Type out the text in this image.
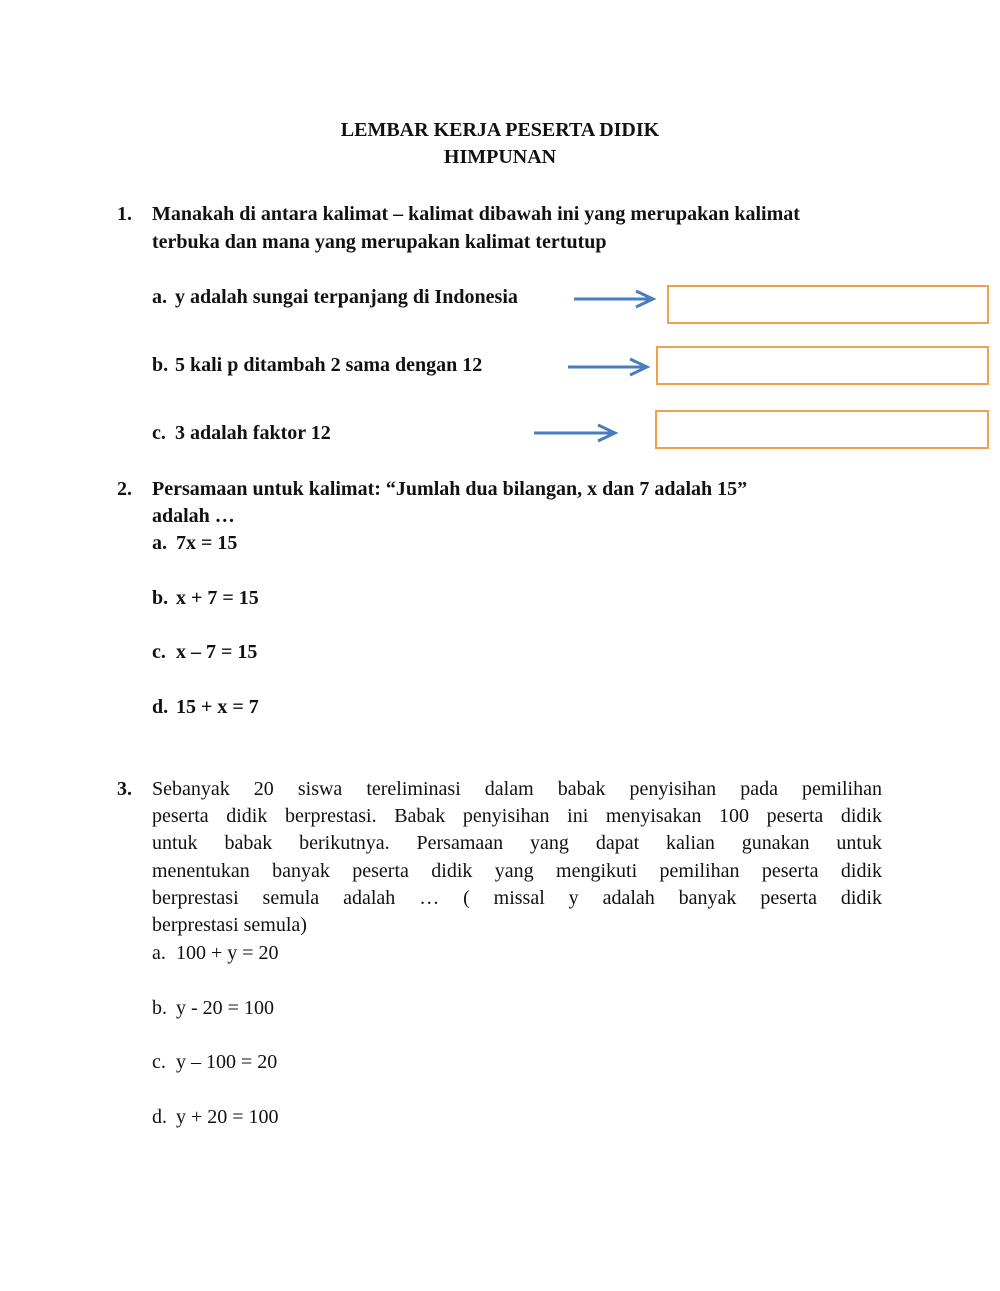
LEMBAR KERJA PESERTA DIDIK
HIMPUNAN
1. Manakah di antara kalimat – kalimat dibawah ini yang merupakan kalimat
terbuka dan mana yang merupakan kalimat tertutup
a. y adalah sungai terpanjang di Indonesia
b. 5 kali p ditambah 2 sama dengan 12
c. 3 adalah faktor 12
2. Persamaan untuk kalimat: “Jumlah dua bilangan, x dan 7 adalah 15”
adalah …
a. 7x = 15
b. x + 7 = 15
c. x – 7 = 15
d. 15 + x = 7
3. Sebanyak 20 siswa tereliminasi dalam babak penyisihan pada pemilihan
peserta didik berprestasi. Babak penyisihan ini menyisakan 100 peserta didik
untuk babak berikutnya. Persamaan yang dapat kalian gunakan untuk
menentukan banyak peserta didik yang mengikuti pemilihan peserta didik
berprestasi semula adalah … ( missal y adalah banyak peserta didik
berprestasi semula)
a. 100 + y = 20
b. y - 20 = 100
c. y – 100 = 20
d. y + 20 = 100
